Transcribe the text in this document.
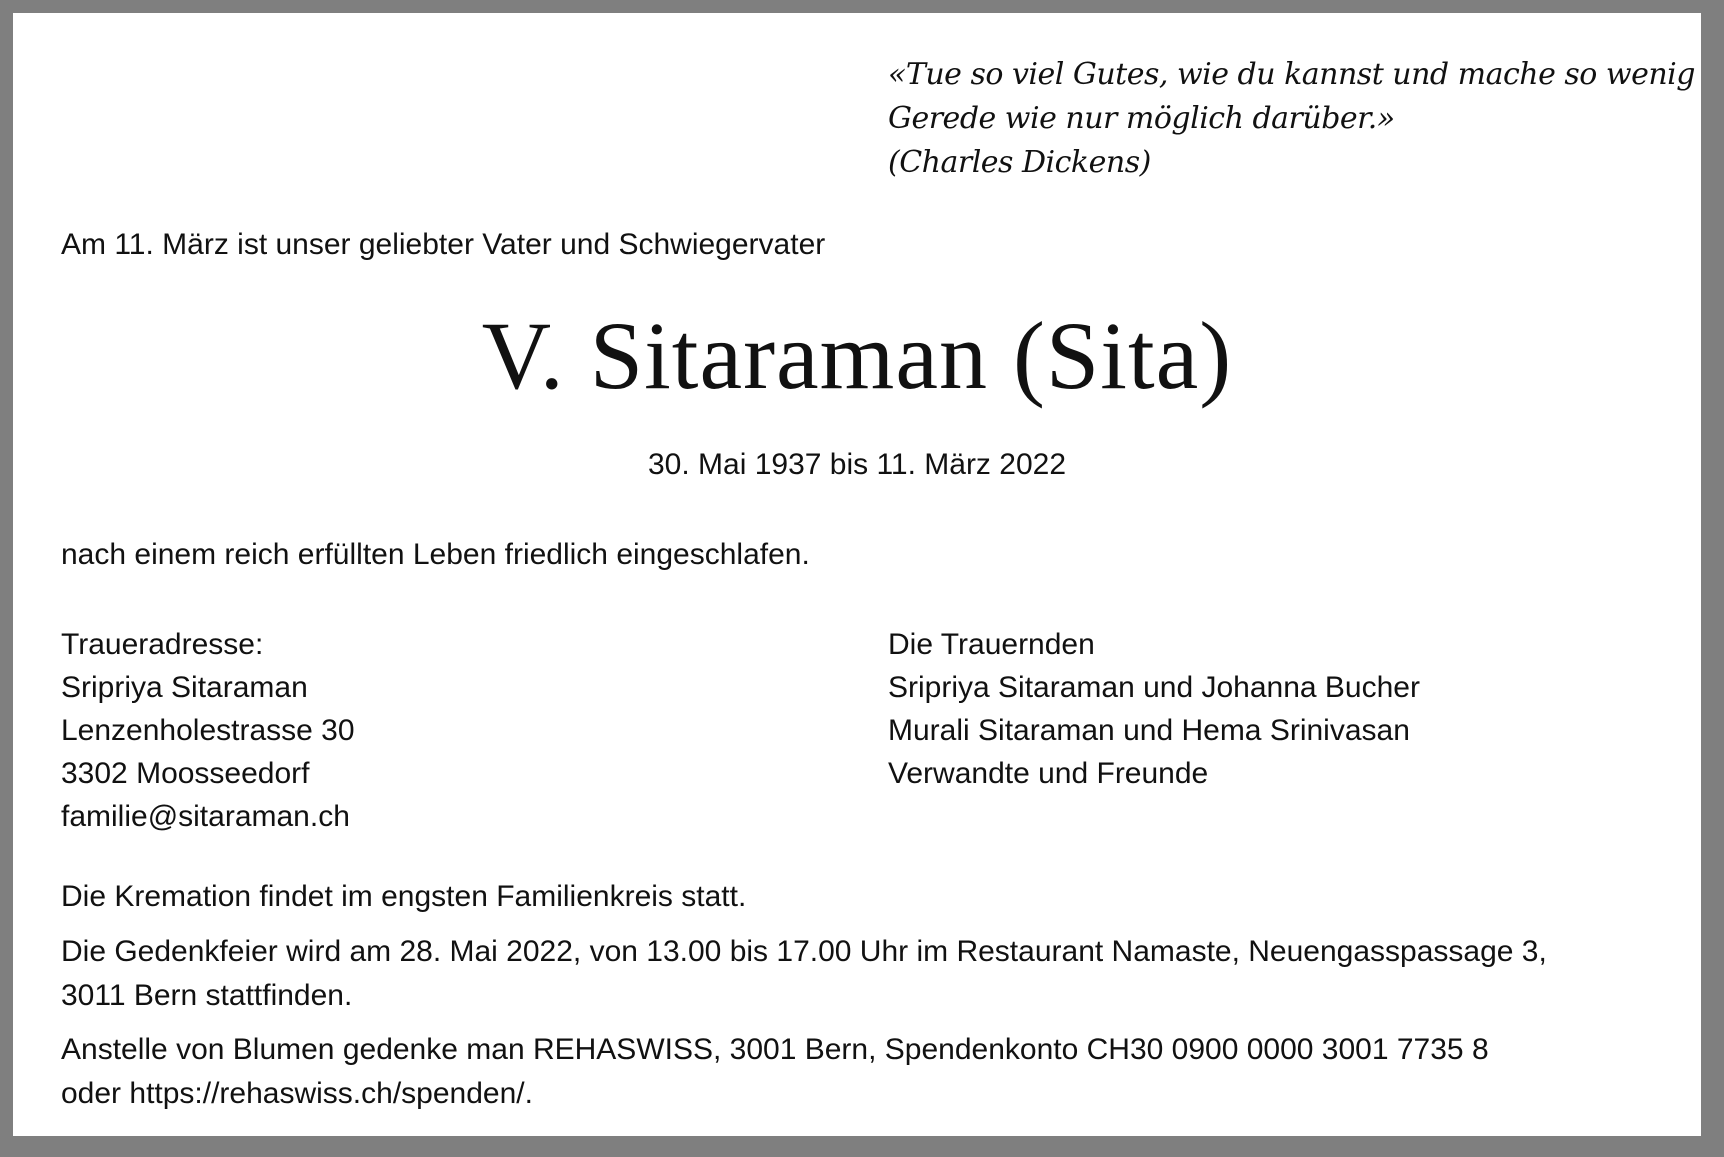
«Tue so viel Gutes, wie du kannst und mache so wenig
Gerede wie nur möglich darüber.»
(Charles Dickens)
Am 11. März ist unser geliebter Vater und Schwiegervater
V. Sitaraman (Sita)
30. Mai 1937 bis 11. März 2022
nach einem reich erfüllten Leben friedlich eingeschlafen.
Traueradresse:
Sripriya Sitaraman
Lenzenholestrasse 30
3302 Moosseedorf
familie@sitaraman.ch
Die Trauernden
Sripriya Sitaraman und Johanna Bucher
Murali Sitaraman und Hema Srinivasan
Verwandte und Freunde
Die Kremation findet im engsten Familienkreis statt.
Die Gedenkfeier wird am 28. Mai 2022, von 13.00 bis 17.00 Uhr im Restaurant Namaste, Neuengasspassage 3,
3011 Bern stattfinden.
Anstelle von Blumen gedenke man REHASWISS, 3001 Bern, Spendenkonto CH30 0900 0000 3001 7735 8
oder https://rehaswiss.ch/spenden/.
